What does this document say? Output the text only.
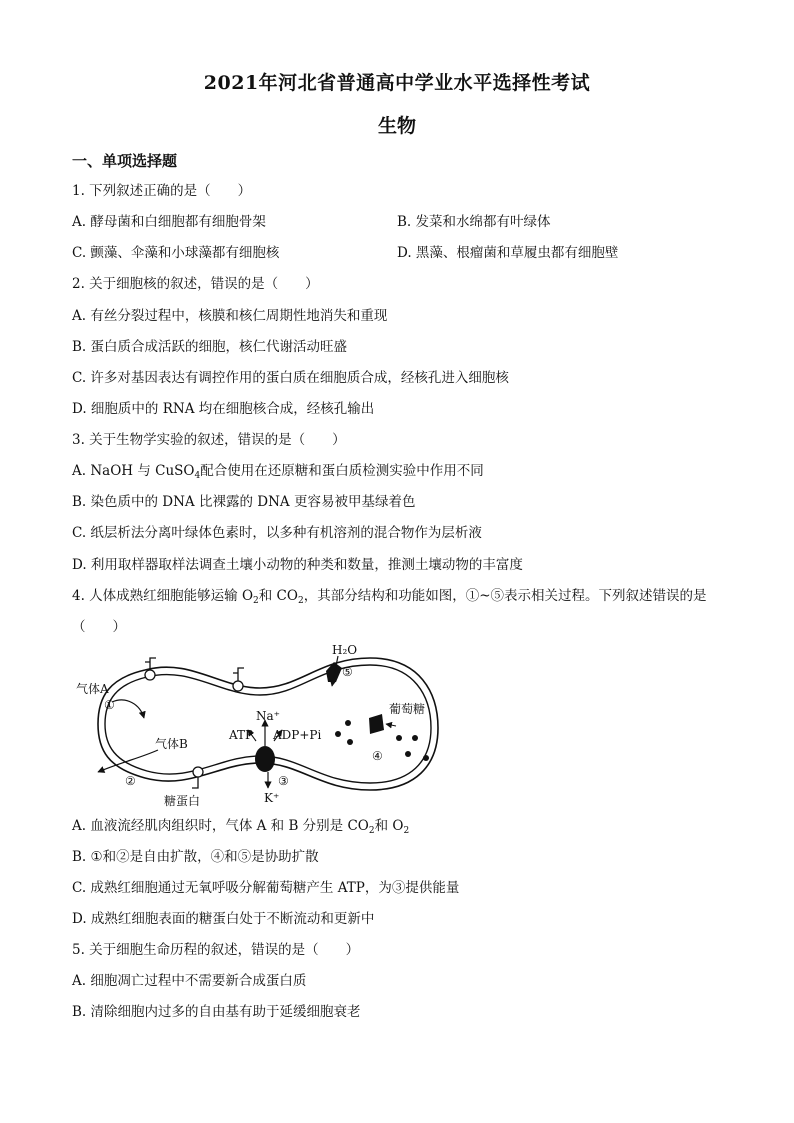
2021年河北省普通高中学业水平选择性考试
生物
一、单项选择题
1. 下列叙述正确的是（　　）
A. 酵母菌和白细胞都有细胞骨架	B. 发菜和水绵都有叶绿体
C. 颤藻、伞藻和小球藻都有细胞核	D. 黑藻、根瘤菌和草履虫都有细胞壁
2. 关于细胞核的叙述，错误的是（　　）
A. 有丝分裂过程中，核膜和核仁周期性地消失和重现
B. 蛋白质合成活跃的细胞，核仁代谢活动旺盛
C. 许多对基因表达有调控作用的蛋白质在细胞质合成，经核孔进入细胞核
D. 细胞质中的 RNA 均在细胞核合成，经核孔输出
3. 关于生物学实验的叙述，错误的是（　　）
A. NaOH 与 CuSO$_4$配合使用在还原糖和蛋白质检测实验中作用不同
B. 染色质中的 DNA 比裸露的 DNA 更容易被甲基绿着色
C. 纸层析法分离叶绿体色素时，以多种有机溶剂的混合物作为层析液
D. 利用取样器取样法调查土壤小动物的种类和数量，推测土壤动物的丰富度
4. 人体成熟红细胞能够运输 $O_2$和 $CO_2$，其部分结构和功能如图，①~⑤表示相关过程。下列叙述错误的是
（　　）
气体A
①
气体B
②
糖蛋白
H₂O
⑤
葡萄糖
④
Na⁺
ATP ADP+Pi
③
K⁺
A. 血液流经肌肉组织时，气体 A 和 B 分别是 $CO_2$和 $O_2$
B. ①和②是自由扩散，④和⑤是协助扩散
C. 成熟红细胞通过无氧呼吸分解葡萄糖产生 ATP，为③提供能量
D. 成熟红细胞表面的糖蛋白处于不断流动和更新中
5. 关于细胞生命历程的叙述，错误的是（　　）
A. 细胞凋亡过程中不需要新合成蛋白质
B. 清除细胞内过多的自由基有助于延缓细胞衰老
